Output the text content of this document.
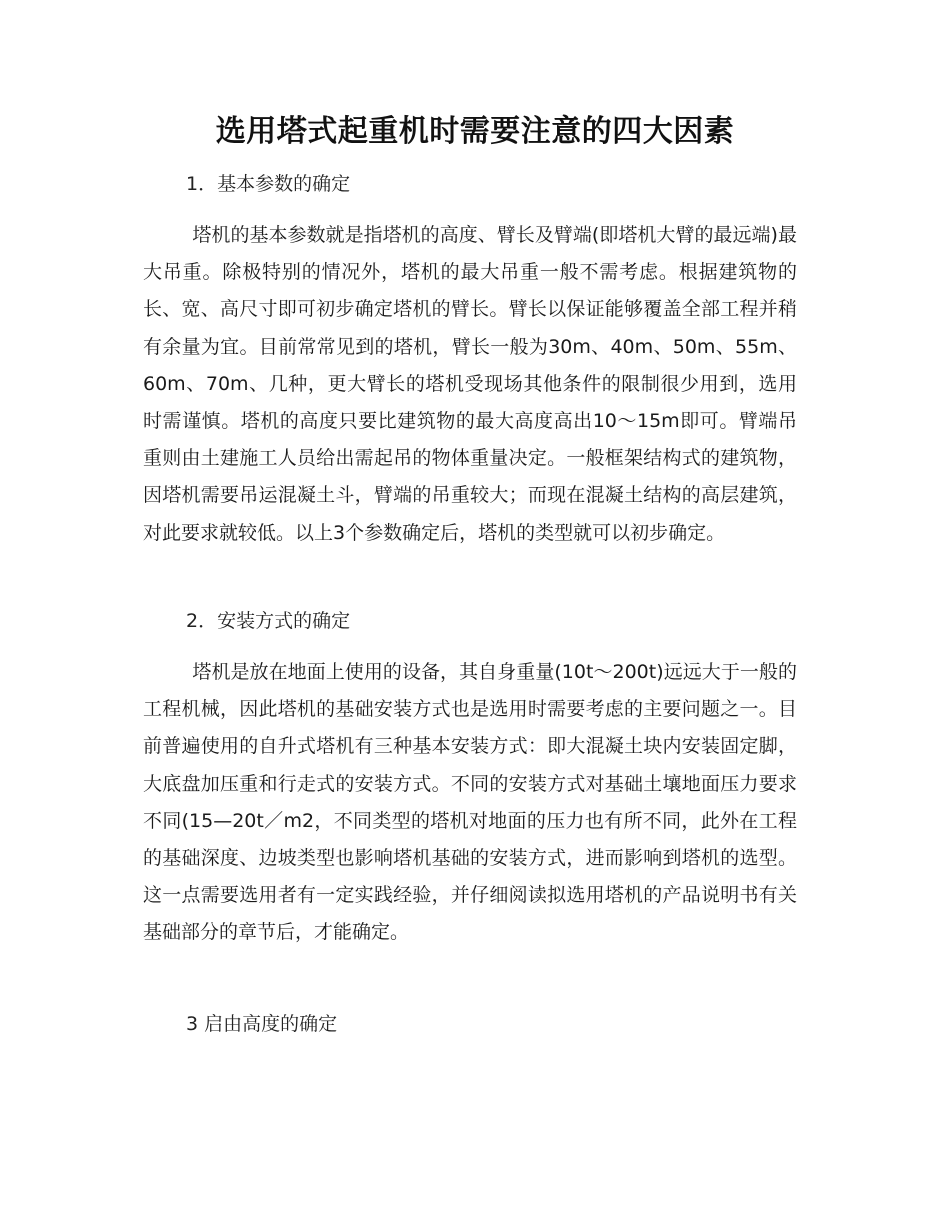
选用塔式起重机时需要注意的四大因素
1．基本参数的确定
塔机的基本参数就是指塔机的高度、臂长及臂端(即塔机大臂的最远端)最大吊重。除极特别的情况外，塔机的最大吊重一般不需考虑。根据建筑物的长、宽、高尺寸即可初步确定塔机的臂长。臂长以保证能够覆盖全部工程并稍有余量为宜。目前常常见到的塔机，臂长一般为30m、40m、50m、55m、60m、70m、几种，更大臂长的塔机受现场其他条件的限制很少用到，选用时需谨慎。塔机的高度只要比建筑物的最大高度高出10～15m即可。臂端吊重则由土建施工人员给出需起吊的物体重量决定。一般框架结构式的建筑物，因塔机需要吊运混凝土斗，臂端的吊重较大；而现在混凝土结构的高层建筑，对此要求就较低。以上3个参数确定后，塔机的类型就可以初步确定。
2．安装方式的确定
塔机是放在地面上使用的设备，其自身重量(10t～200t)远远大于一般的工程机械，因此塔机的基础安装方式也是选用时需要考虑的主要问题之一。目前普遍使用的自升式塔机有三种基本安装方式：即大混凝土块内安装固定脚，大底盘加压重和行走式的安装方式。不同的安装方式对基础土壤地面压力要求不同(15—20t／m2，不同类型的塔机对地面的压力也有所不同，此外在工程的基础深度、边坡类型也影响塔机基础的安装方式，进而影响到塔机的选型。这一点需要选用者有一定实践经验，并仔细阅读拟选用塔机的产品说明书有关基础部分的章节后，才能确定。
3 启由高度的确定
